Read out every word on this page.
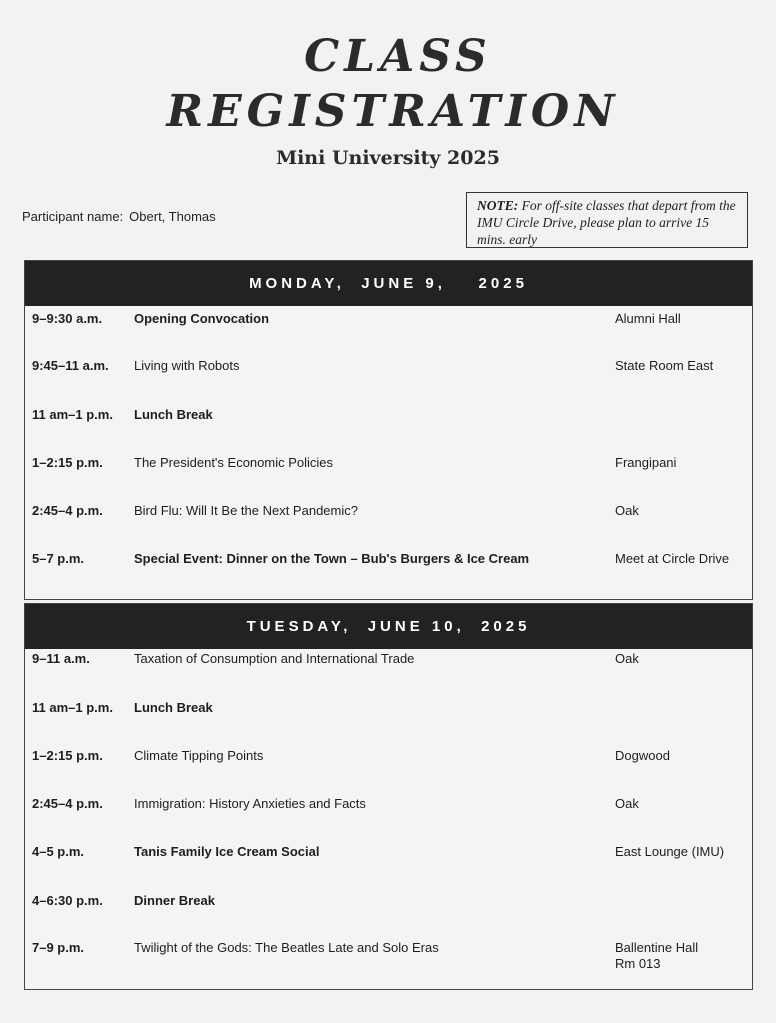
CLASS
REGISTRATION
Mini University 2025
Participant name: Obert, Thomas
NOTE: For off-site classes that depart from the IMU Circle Drive, please plan to arrive 15 mins. early
MONDAY,  JUNE 9,    2025
9–9:30 a.m. Opening Convocation	Alumni Hall
9:45–11 a.m. Living with Robots	State Room East
11 am–1 p.m. Lunch Break
1–2:15 p.m. The President's Economic Policies	Frangipani
2:45–4 p.m. Bird Flu: Will It Be the Next Pandemic?	Oak
5–7 p.m.	Special Event: Dinner on the Town – Bub's Burgers & Ice Cream	Meet at Circle Drive
TUESDAY,  JUNE 10,  2025
9–11 a.m.	Taxation of Consumption and International Trade	Oak
11 am–1 p.m. Lunch Break
1–2:15 p.m. Climate Tipping Points	Dogwood
2:45–4 p.m. Immigration: History Anxieties and Facts	Oak
4–5 p.m.	Tanis Family Ice Cream Social	East Lounge (IMU)
4–6:30 p.m. Dinner Break
7–9 p.m.	Twilight of the Gods: The Beatles Late and Solo Eras	Ballentine Hall
Rm 013
